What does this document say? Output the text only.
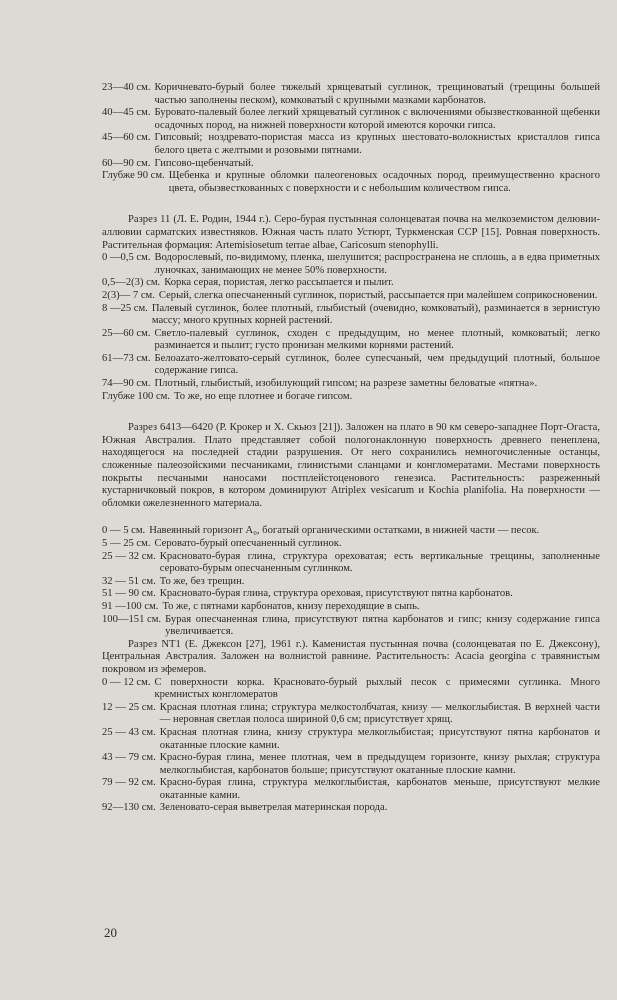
23—40 см. Коричневато-бурый более тяжелый хрящеватый суглинок, трещиноватый (трещины большей частью заполнены песком), комковатый с крупными мазками карбонатов.
40—45 см. Буровато-палевый более легкий хрящеватый суглинок с включениями обызвесткованной щебенки осадочных пород, на нижней поверхности которой имеются корочки гипса.
45—60 см. Гипсовый; ноздревато-пористая масса из крупных шестовато-волокнистых кристаллов гипса белого цвета с желтыми и розовыми пятнами.
60—90 см. Гипсово-щебенчатый.
Глубже 90 см. Щебенка и крупные обломки палеогеновых осадочных пород, преимущественно красного цвета, обызвесткованных с поверхности и с небольшим количеством гипса.

Разрез 11 (Л. Е. Родин, 1944 г.). Серо-бурая пустынная солонцеватая почва на мелкоземистом делювии-аллювии сарматских известняков. Южная часть плато Устюрт, Туркменская ССР [15]. Ровная поверхность. Растительная формация: Artemisiosetum terrae albae, Caricosum stenophylli.

0 —0,5 см. Водорослевый, по-видимому, пленка, шелушится; распространена не сплошь, а в едва приметных луночках, занимающих не менее 50% поверхности.
0,5—2(3) см. Корка серая, пористая, легко рассыпается и пылит.
2(3)— 7 см. Серый, слегка опесчаненный суглинок, пористый, рассыпается при малейшем соприкосновении.
8 —25 см. Палевый суглинок, более плотный, глыбистый (очевидно, комковатый), разминается в зернистую массу; много крупных корней растений.
25—60 см. Светло-палевый суглинок, сходен с предыдущим, но менее плотный, комковатый; легко разминается и пылит; густо пронизан мелкими корнями растений.
61—73 см. Белоazато-желтовато-серый суглинок, более супесчаный, чем предыдущий плотный, большое содержание гипса.
74—90 см. Плотный, глыбистый, изобилующий гипсом; на разрезе заметны беловатые «пятна».
Глубже 100 см. То же, но еще плотнее и богаче гипсом.

Разрез 6413—6420 (Р. Крокер и Х. Скьюз [21]). Заложен на плато в 90 км северо-западнее Порт-Огаста, Южная Австралия. Плато представляет собой пологонаклонную поверхность древнего пенеплена, находящегося на последней стадии разрушения. От него сохранились немногочисленные останцы, сложенные палеозойскими песчаниками, глинистыми сланцами и конгломератами. Местами поверхность покрыты песчаными наносами постплейстоценового генезиса. Растительность: разреженный кустарничковый покров, в котором доминируют Atriplex vesicarum и Kochia planifolia. На поверхности — обломки ожелезненного материала.

0 — 5 см. Навеянный горизонт A₀, богатый органическими остатками, в нижней части — песок.
5 — 25 см. Серовато-бурый опесчаненный суглинок.
25 — 32 см. Красновато-бурая глина, структура ореховатая; есть вертикальные трещины, заполненные серовато-бурым опесчаненным суглинком.
32 — 51 см. То же, без трещин.
51 — 90 см. Красновато-бурая глина, структура ореховая, присутствуют пятна карбонатов.
91 —100 см. То же, с пятнами карбонатов, книзу переходящие в сыпь.
100—151 см. Бурая опесчаненная глина, присутствуют пятна карбонатов и гипс; книзу содержание гипса увеличивается.

Разрез NT1 (Е. Джексон [27], 1961 г.). Каменистая пустынная почва (солонцеватая по Е. Джексону), Центральная Австралия. Заложен на волнистой равнине. Растительность: Acacia georgina с травянистым покровом из эфемеров.

0 — 12 см. С поверхности корка. Красновато-бурый рыхлый песок с примесями суглинка. Много кремнистых конгломератов
12 — 25 см. Красная плотная глина; структура мелкостолбчатая, книзу — мелкоглыбистая. В верхней части — неровная светлая полоса шириной 0,6 см; присутствует хрящ.
25 — 43 см. Красная плотная глина, книзу структура мелкоглыбистая; присутствуют пятна карбонатов и окатанные плоские камни.
43 — 79 см. Красно-бурая глина, менее плотная, чем в предыдущем горизонте, книзу рыхлая; структура мелкоглыбистая, карбонатов больше; присутствуют окатанные плоские камни.
79 — 92 см. Красно-бурая глина, структура мелкоглыбистая, карбонатов меньше, присутствуют мелкие окатанные камни.
92—130 см. Зеленовато-серая выветрелая материнская порода.
20
